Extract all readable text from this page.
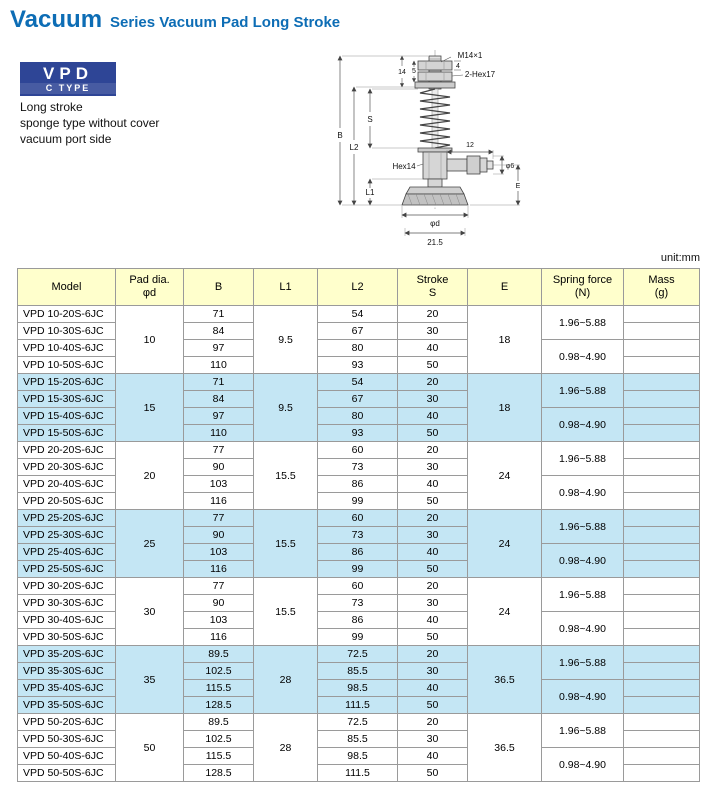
Vacuum Series Vacuum Pad Long Stroke
VPD
C TYPE
Long stroke
sponge type without cover
vacuum port side
M14×1
2-Hex17
Hex14
14 5
4
B
L2
S
L1
12
φ6
E
φd
21.5
unit:mm
Model	Pad dia.
φd	B	L1	L2	Stroke
S	E	Spring force
(N)	Mass
(g)
VPD 10-20S-6JC	10	71	9.5	54	20	18	1.96~5.88	
VPD 10-30S-6JC		84		67	30			
VPD 10-40S-6JC		97		80	40		0.98~4.90	
VPD 10-50S-6JC		110		93	50			
VPD 15-20S-6JC	15	71	9.5	54	20	18	1.96~5.88	
VPD 15-30S-6JC		84		67	30			
VPD 15-40S-6JC		97		80	40		0.98~4.90	
VPD 15-50S-6JC		110		93	50			
VPD 20-20S-6JC	20	77	15.5	60	20	24	1.96~5.88	
VPD 20-30S-6JC		90		73	30			
VPD 20-40S-6JC		103		86	40		0.98~4.90	
VPD 20-50S-6JC		116		99	50			
VPD 25-20S-6JC	25	77	15.5	60	20	24	1.96~5.88	
VPD 25-30S-6JC		90		73	30			
VPD 25-40S-6JC		103		86	40		0.98~4.90	
VPD 25-50S-6JC		116		99	50			
VPD 30-20S-6JC	30	77	15.5	60	20	24	1.96~5.88	
VPD 30-30S-6JC		90		73	30			
VPD 30-40S-6JC		103		86	40		0.98~4.90	
VPD 30-50S-6JC		116		99	50			
VPD 35-20S-6JC	35	89.5	28	72.5	20	36.5	1.96~5.88	
VPD 35-30S-6JC		102.5		85.5	30			
VPD 35-40S-6JC		115.5		98.5	40		0.98~4.90	
VPD 35-50S-6JC		128.5		111.5	50			
VPD 50-20S-6JC	50	89.5	28	72.5	20	36.5	1.96~5.88	
VPD 50-30S-6JC		102.5		85.5	30			
VPD 50-40S-6JC		115.5		98.5	40		0.98~4.90	
VPD 50-50S-6JC		128.5		111.5	50			
